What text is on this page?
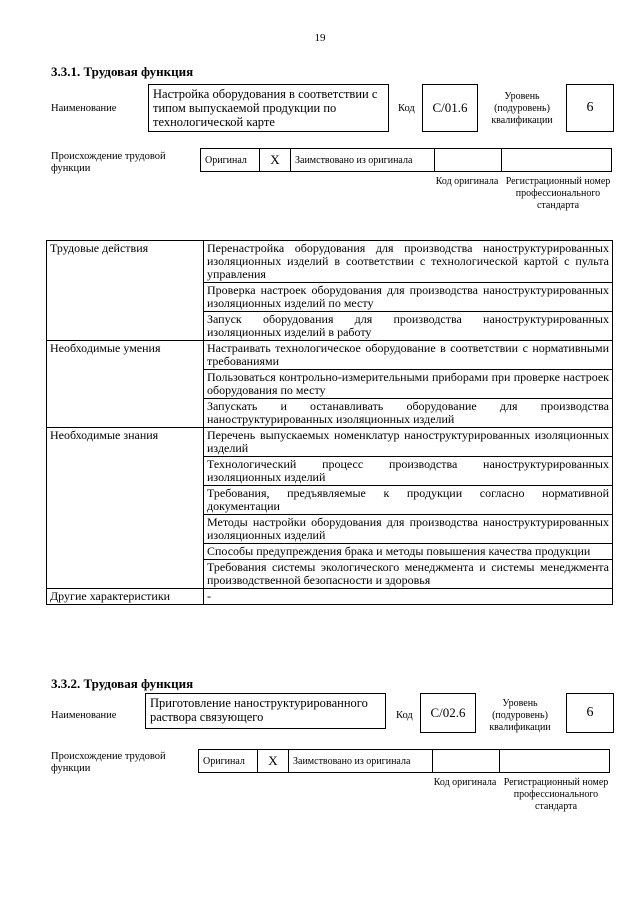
19
3.3.1. Трудовая функция
Наименование
Настройка оборудования в соответствии с типом выпускаемой продукции по технологической карте
Код	C/01.6
Уровень (подуровень) квалификации
6
Происхождение трудовой функции
Оригинал	X	Заимствовано из оригинала
Код оригинала Регистрационный номер профессионального стандарта
Трудовые действия	Перенастройка оборудования для производства наноструктурированных изоляционных изделий в соответствии с технологической картой с пульта управления
	Проверка настроек оборудования для производства наноструктурированных изоляционных изделий по месту
	Запуск оборудования для производства наноструктурированных изоляционных изделий в работу
Необходимые умения	Настраивать технологическое оборудование в соответствии с нормативными требованиями
	Пользоваться контрольно-измерительными приборами при проверке настроек оборудования по месту
	Запускать и останавливать оборудование для производства наноструктурированных изоляционных изделий
Необходимые знания	Перечень выпускаемых номенклатур наноструктурированных изоляционных изделий
	Технологический процесс производства наноструктурированных изоляционных изделий
	Требования, предъявляемые к продукции согласно нормативной документации
	Методы настройки оборудования для производства наноструктурированных изоляционных изделий
	Способы предупреждения брака и методы повышения качества продукции
	Требования системы экологического менеджмента и системы менеджмента производственной безопасности и здоровья
Другие характеристики	-
3.3.2. Трудовая функция
Наименование
Приготовление наноструктурированного раствора связующего	Код	C/02.6
Уровень (подуровень) квалификации
6
Происхождение трудовой функции
Оригинал	X	Заимствовано из оригинала
Код оригинала Регистрационный номер профессионального стандарта
